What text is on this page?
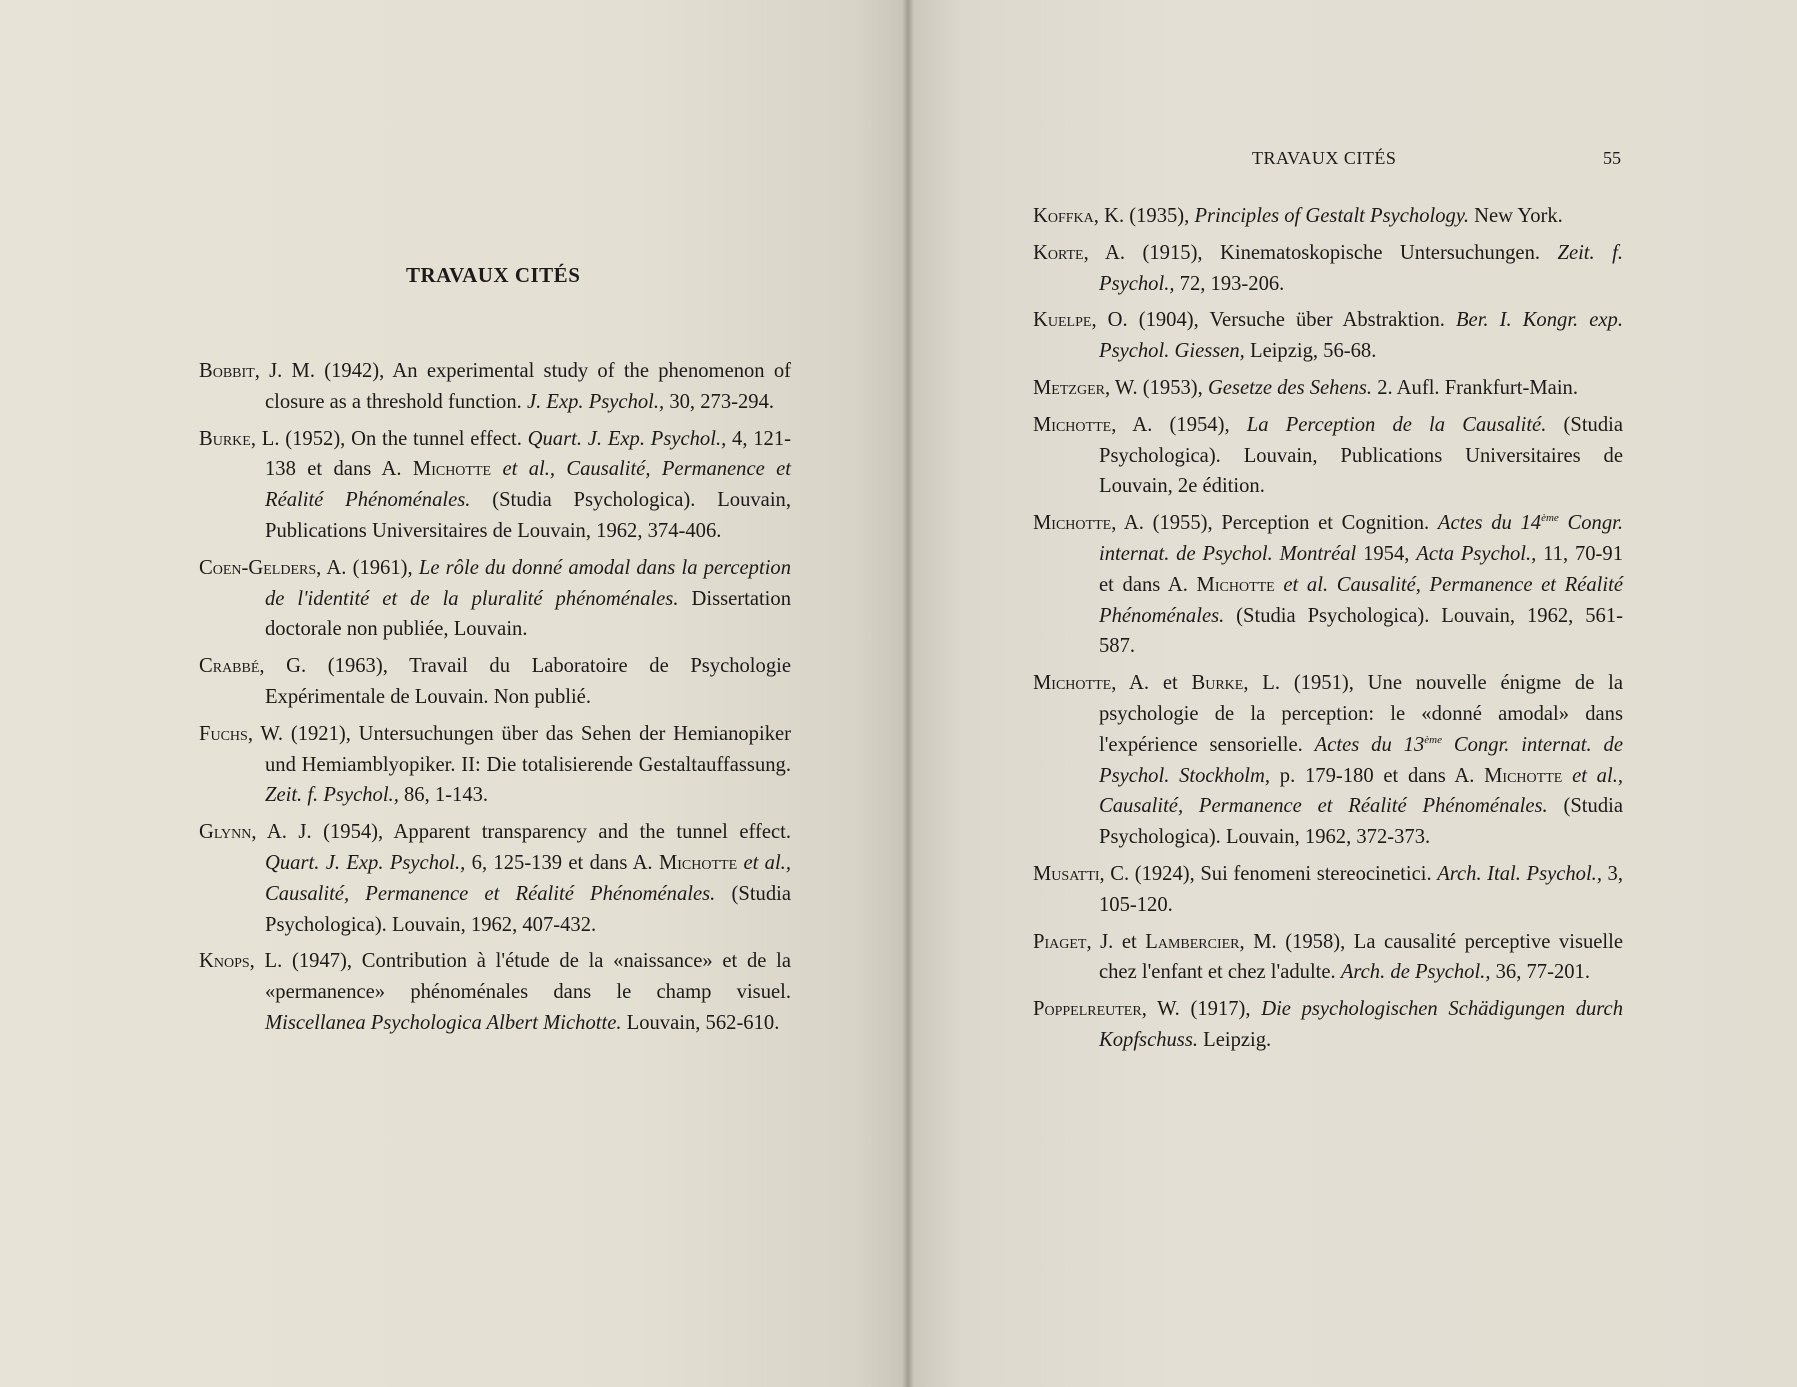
TRAVAUX CITÉS

Bobbit, J. M. (1942), An experimental study of the phenomenon of closure as a threshold function. J. Exp. Psychol., 30, 273-294.

Burke, L. (1952), On the tunnel effect. Quart. J. Exp. Psychol., 4, 121-138 et dans A. Michotte et al., Causalité, Permanence et Réalité Phénoménales. (Studia Psychologica). Louvain, Publications Universitaires de Louvain, 1962, 374-406.

Coen-Gelders, A. (1961), Le rôle du donné amodal dans la perception de l'identité et de la pluralité phénoménales. Dissertation doctorale non publiée, Louvain.

Crabbé, G. (1963), Travail du Laboratoire de Psychologie Expérimentale de Louvain. Non publié.

Fuchs, W. (1921), Untersuchungen über das Sehen der Hemianopiker und Hemiamblyopiker. II: Die totalisierende Gestaltauffassung. Zeit. f. Psychol., 86, 1-143.

Glynn, A. J. (1954), Apparent transparency and the tunnel effect. Quart. J. Exp. Psychol., 6, 125-139 et dans A. Michotte et al., Causalité, Permanence et Réalité Phénoménales. (Studia Psychologica). Louvain, 1962, 407-432.

Knops, L. (1947), Contribution à l'étude de la «naissance» et de la «permanence» phénoménales dans le champ visuel. Miscellanea Psychologica Albert Michotte. Louvain, 562-610.

TRAVAUX CITÉS	55

Koffka, K. (1935), Principles of Gestalt Psychology. New York.

Korte, A. (1915), Kinematoskopische Untersuchungen. Zeit. f. Psychol., 72, 193-206.

Kuelpe, O. (1904), Versuche über Abstraktion. Ber. I. Kongr. exp. Psychol. Giessen, Leipzig, 56-68.

Metzger, W. (1953), Gesetze des Sehens. 2. Aufl. Frankfurt-Main.

Michotte, A. (1954), La Perception de la Causalité. (Studia Psychologica). Louvain, Publications Universitaires de Louvain, 2e édition.

Michotte, A. (1955), Perception et Cognition. Actes du 14ème Congr. internat. de Psychol. Montréal 1954, Acta Psychol., 11, 70-91 et dans A. Michotte et al. Causalité, Permanence et Réalité Phénoménales. (Studia Psychologica). Louvain, 1962, 561-587.

Michotte, A. et Burke, L. (1951), Une nouvelle énigme de la psychologie de la perception: le «donné amodal» dans l'expérience sensorielle. Actes du 13ème Congr. internat. de Psychol. Stockholm, p. 179-180 et dans A. Michotte et al., Causalité, Permanence et Réalité Phénoménales. (Studia Psychologica). Louvain, 1962, 372-373.

Musatti, C. (1924), Sui fenomeni stereocinetici. Arch. Ital. Psychol., 3, 105-120.

Piaget, J. et Lambercier, M. (1958), La causalité perceptive visuelle chez l'enfant et chez l'adulte. Arch. de Psychol., 36, 77-201.

Poppelreuter, W. (1917), Die psychologischen Schädigungen durch Kopfschuss. Leipzig.
